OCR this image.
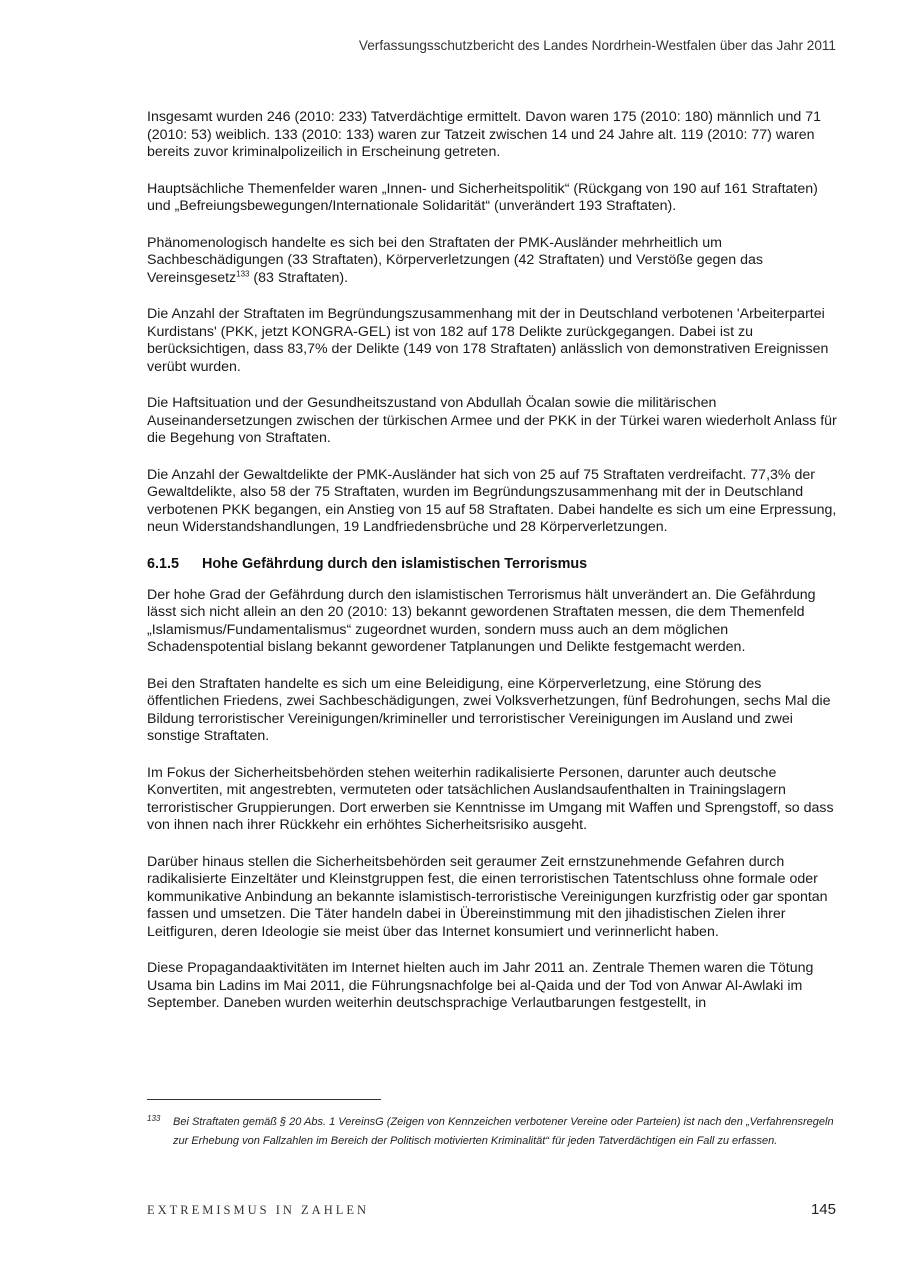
Verfassungsschutzbericht des Landes Nordrhein-Westfalen über das Jahr 2011

Insgesamt wurden 246 (2010: 233) Tatverdächtige ermittelt. Davon waren 175 (2010: 180) männlich und 71 (2010: 53) weiblich. 133 (2010: 133) waren zur Tatzeit zwischen 14 und 24 Jahre alt. 119 (2010: 77) waren bereits zuvor kriminalpolizeilich in Erscheinung getreten.

Hauptsächliche Themenfelder waren „Innen- und Sicherheitspolitik“ (Rückgang von 190 auf 161 Straftaten) und „Befreiungsbewegungen/Internationale Solidarität“ (unverändert 193 Straftaten).

Phänomenologisch handelte es sich bei den Straftaten der PMK-Ausländer mehrheitlich um Sachbeschädigungen (33 Straftaten), Körperverletzungen (42 Straftaten) und Verstöße gegen das Vereinsgesetz$^{133}$ (83 Straftaten).

Die Anzahl der Straftaten im Begründungszusammenhang mit der in Deutschland verbotenen 'Arbeiterpartei Kurdistans' (PKK, jetzt KONGRA-GEL) ist von 182 auf 178 Delikte zurückgegangen. Dabei ist zu berücksichtigen, dass 83,7% der Delikte (149 von 178 Straftaten) anlässlich von demonstrativen Ereignissen verübt wurden.

Die Haftsituation und der Gesundheitszustand von Abdullah Öcalan sowie die militärischen Auseinandersetzungen zwischen der türkischen Armee und der PKK in der Türkei waren wiederholt Anlass für die Begehung von Straftaten.

Die Anzahl der Gewaltdelikte der PMK-Ausländer hat sich von 25 auf 75 Straftaten verdreifacht. 77,3% der Gewaltdelikte, also 58 der 75 Straftaten, wurden im Begründungszusammenhang mit der in Deutschland verbotenen PKK begangen, ein Anstieg von 15 auf 58 Straftaten. Dabei handelte es sich um eine Erpressung, neun Widerstandshandlungen, 19 Landfriedensbrüche und 28 Körperverletzungen.

6.1.5 Hohe Gefährdung durch den islamistischen Terrorismus

Der hohe Grad der Gefährdung durch den islamistischen Terrorismus hält unverändert an. Die Gefährdung lässt sich nicht allein an den 20 (2010: 13) bekannt gewordenen Straftaten messen, die dem Themenfeld „Islamismus/Fundamentalismus“ zugeordnet wurden, sondern muss auch an dem möglichen Schadenspotential bislang bekannt gewordener Tatplanungen und Delikte festgemacht werden.

Bei den Straftaten handelte es sich um eine Beleidigung, eine Körperverletzung, eine Störung des öffentlichen Friedens, zwei Sachbeschädigungen, zwei Volksverhetzungen, fünf Bedrohungen, sechs Mal die Bildung terroristischer Vereinigungen/krimineller und terroristischer Vereinigungen im Ausland und zwei sonstige Straftaten.

Im Fokus der Sicherheitsbehörden stehen weiterhin radikalisierte Personen, darunter auch deutsche Konvertiten, mit angestrebten, vermuteten oder tatsächlichen Auslandsaufenthalten in Trainingslagern terroristischer Gruppierungen. Dort erwerben sie Kenntnisse im Umgang mit Waffen und Sprengstoff, so dass von ihnen nach ihrer Rückkehr ein erhöhtes Sicherheitsrisiko ausgeht.

Darüber hinaus stellen die Sicherheitsbehörden seit geraumer Zeit ernstzunehmende Gefahren durch radikalisierte Einzeltäter und Kleinstgruppen fest, die einen terroristischen Tatentschluss ohne formale oder kommunikative Anbindung an bekannte islamistisch-terroristische Vereinigungen kurzfristig oder gar spontan fassen und umsetzen. Die Täter handeln dabei in Übereinstimmung mit den jihadistischen Zielen ihrer Leitfiguren, deren Ideologie sie meist über das Internet konsumiert und verinnerlicht haben.

Diese Propagandaaktivitäten im Internet hielten auch im Jahr 2011 an. Zentrale Themen waren die Tötung Usama bin Ladins im Mai 2011, die Führungsnachfolge bei al-Qaida und der Tod von Anwar Al-Awlaki im September. Daneben wurden weiterhin deutschsprachige Verlautbarungen festgestellt, in

133 Bei Straftaten gemäß § 20 Abs. 1 VereinsG (Zeigen von Kennzeichen verbotener Vereine oder Parteien) ist nach den „Verfahrensregeln zur Erhebung von Fallzahlen im Bereich der Politisch motivierten Kriminalität“ für jeden Tatverdächtigen ein Fall zu erfassen.
EXTREMISMUS IN ZAHLEN	145
